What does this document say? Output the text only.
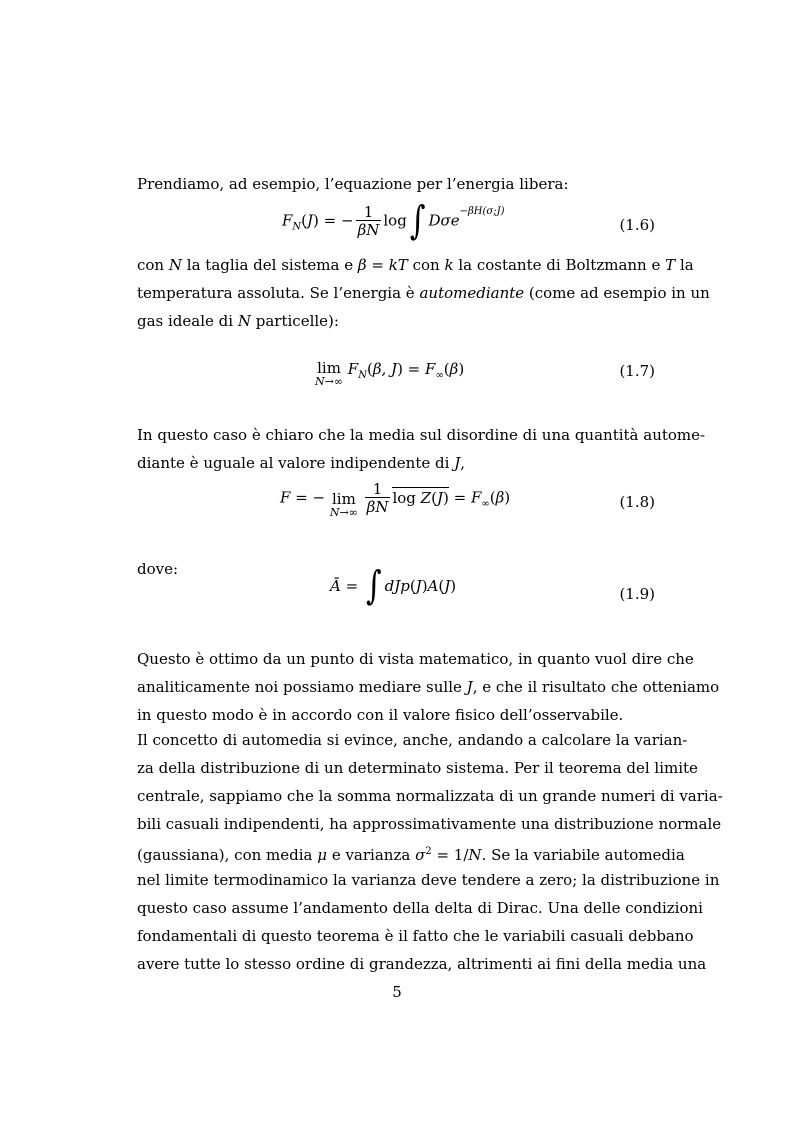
Prendiamo, ad esempio, l’equazione per l’energia libera:
$F_N(J)$ = − $\frac{1}{\beta N}$ log ∫ Dσe$^{-\beta H(\sigma;J)}$
(1.6)
con N la taglia del sistema e β = kT con k la costante di Boltzmann e T la
temperatura assoluta. Se l’energia è automediante (come ad esempio in un
gas ideale di N particelle):
lim
N→∞
$F_N(\beta$, $J) = F_\infty(\beta)$	(1.7)
In questo caso è chiaro che la media sul disordine di una quantità autome-
diante è uguale al valore indipendente di J,
F = − lim
N→∞
$\frac{1}{\beta N}$ $\log Z(J) = F_\infty(\beta)$	(1.8)
dove:
Ā = ∫ dJp(J)A(J)	(1.9)
Questo è ottimo da un punto di vista matematico, in quanto vuol dire che
analiticamente noi possiamo mediare sulle J, e che il risultato che otteniamo
in questo modo è in accordo con il valore fisico dell’osservabile.
Il concetto di automedia si evince, anche, andando a calcolare la varian-
za della distribuzione di un determinato sistema. Per il teorema del limite
centrale, sappiamo che la somma normalizzata di un grande numeri di varia-
bili casuali indipendenti, ha approssimativamente una distribuzione normale
(gaussiana), con media μ e varianza $\sigma^2 = 1/N$. Se la variabile automedia
nel limite termodinamico la varianza deve tendere a zero; la distribuzione in
questo caso assume l’andamento della delta di Dirac. Una delle condizioni
fondamentali di questo teorema è il fatto che le variabili casuali debbano
avere tutte lo stesso ordine di grandezza, altrimenti ai fini della media una
5
